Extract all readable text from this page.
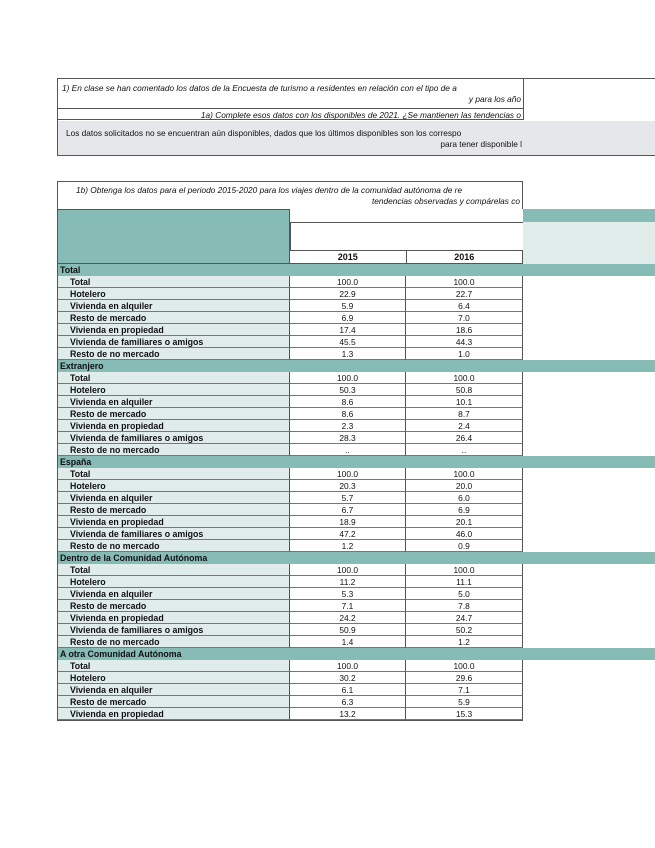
1) En clase se han comentado los datos de la Encuesta de turismo a residentes en relación con el tipo de a
y para los año
1a) Complete esos datos con los disponibles de 2021. ¿Se mantienen las tendencias o
Los datos solicitados no se encuentran aún disponibles, dados que los últimos disponibles son los correspo
para tener disponible l
1b) Obtenga los datos para el periodo 2015-2020 para los viajes dentro de la comunidad autónoma de re
tendencias observadas y compárelas co
2015	2016
Total
Total	100.0	100.0
Hotelero	22.9	22.7
Vivienda en alquiler	5.9	6.4
Resto de mercado	6.9	7.0
Vivienda en propiedad	17.4	18.6
Vivienda de familiares o amigos	45.5	44.3
Resto de no mercado	1.3	1.0
Extranjero
Total	100.0	100.0
Hotelero	50.3	50.8
Vivienda en alquiler	8.6	10.1
Resto de mercado	8.6	8.7
Vivienda en propiedad	2.3	2.4
Vivienda de familiares o amigos	28.3	26.4
Resto de no mercado	..	..
España
Total	100.0	100.0
Hotelero	20.3	20.0
Vivienda en alquiler	5.7	6.0
Resto de mercado	6.7	6.9
Vivienda en propiedad	18.9	20.1
Vivienda de familiares o amigos	47.2	46.0
Resto de no mercado	1.2	0.9
Dentro de la Comunidad Autónoma
Total	100.0	100.0
Hotelero	11.2	11.1
Vivienda en alquiler	5.3	5.0
Resto de mercado	7.1	7.8
Vivienda en propiedad	24.2	24.7
Vivienda de familiares o amigos	50.9	50.2
Resto de no mercado	1.4	1.2
A otra Comunidad Autónoma
Total	100.0	100.0
Hotelero	30.2	29.6
Vivienda en alquiler	6.1	7.1
Resto de mercado	6.3	5.9
Vivienda en propiedad	13.2	15.3
